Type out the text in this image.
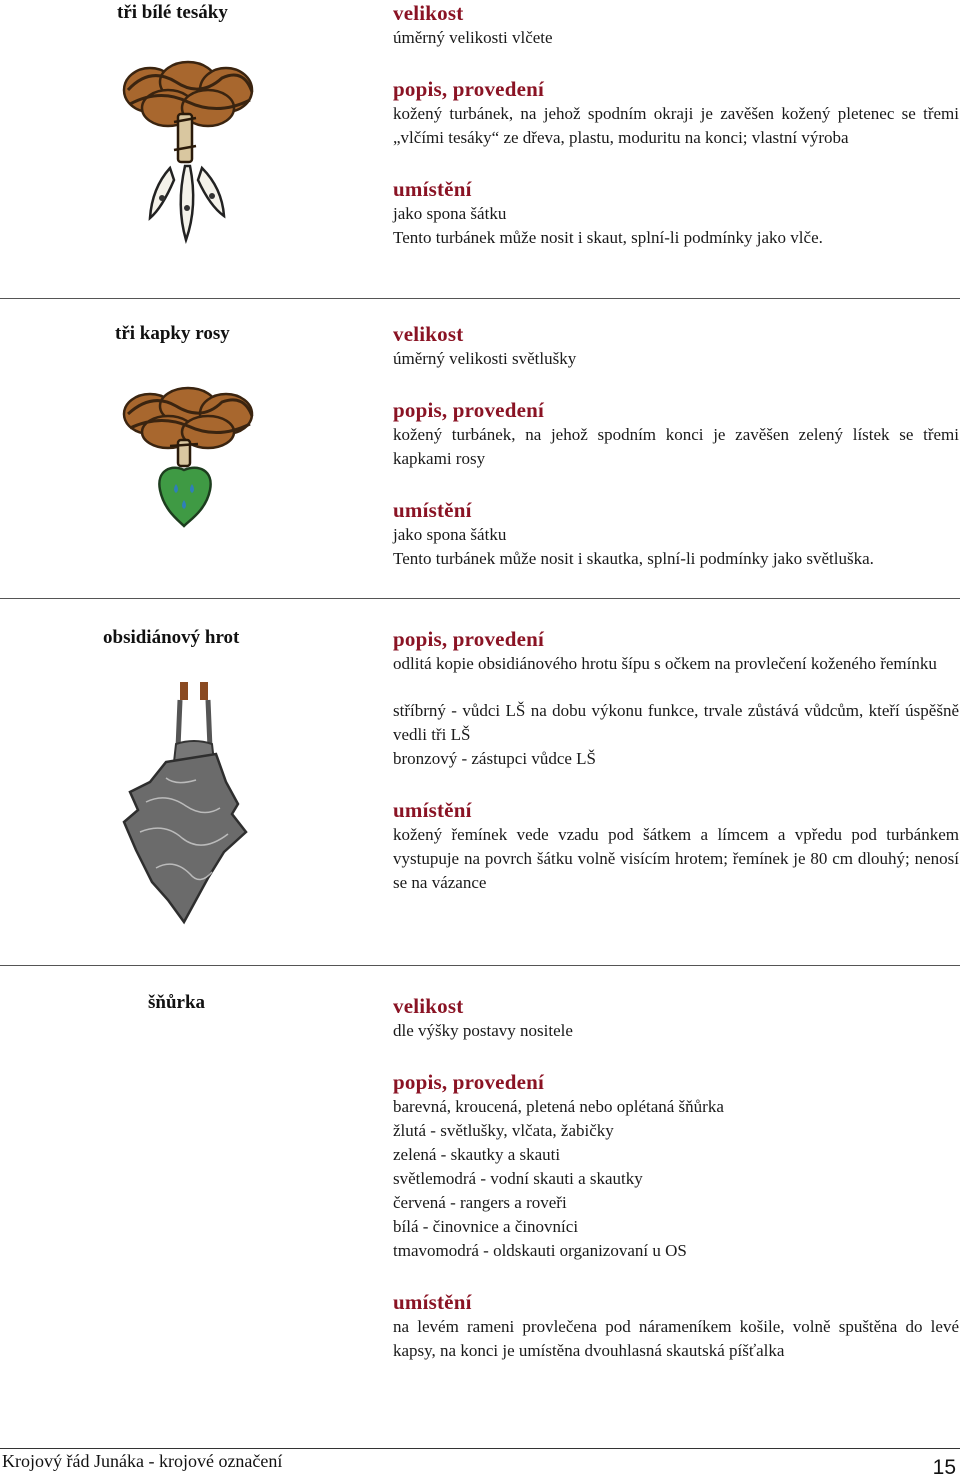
tři bílé tesáky	velikost
úměrný velikosti vlčete
popis, provedení
kožený turbánek, na jehož spodním okraji je zavěšen kožený pletenec se třemi „vlčími tesáky“ ze dřeva, plastu, moduritu na konci; vlastní výroba
umístění
jako spona šátku
Tento turbánek může nosit i skaut, splní-li podmínky jako vlče.
tři kapky rosy	velikost
úměrný velikosti světlušky
popis, provedení
kožený turbánek, na jehož spodním konci je zavěšen zelený lístek se třemi kapkami rosy
umístění
jako spona šátku
Tento turbánek může nosit i skautka, splní-li podmínky jako světluška.
obsidiánový hrot	popis, provedení
odlitá kopie obsidiánového hrotu šípu s očkem na provlečení koženého řemínku
stříbrný - vůdci LŠ na dobu výkonu funkce, trvale zůstává vůdcům, kteří úspěšně vedli tři LŠ
bronzový - zástupci vůdce LŠ
umístění
kožený řemínek vede vzadu pod šátkem a límcem a vpředu pod turbánkem vystupuje na povrch šátku volně visícím hrotem; řemínek je 80 cm dlouhý; nenosí se na vázance
šňůrka	velikost
dle výšky postavy nositele
popis, provedení
barevná, kroucená, pletená nebo oplétaná šňůrka
žlutá - světlušky, vlčata, žabičky
zelená - skautky a skauti
světlemodrá - vodní skauti a skautky
červená - rangers a roveři
bílá - činovnice a činovníci
tmavomodrá - oldskauti organizovaní u OS
umístění
na levém rameni provlečena pod nárameníkem košile, volně spuštěna do levé kapsy, na konci je umístěna dvouhlasná skautská píšťalka
Krojový řád Junáka - krojové označení	15
